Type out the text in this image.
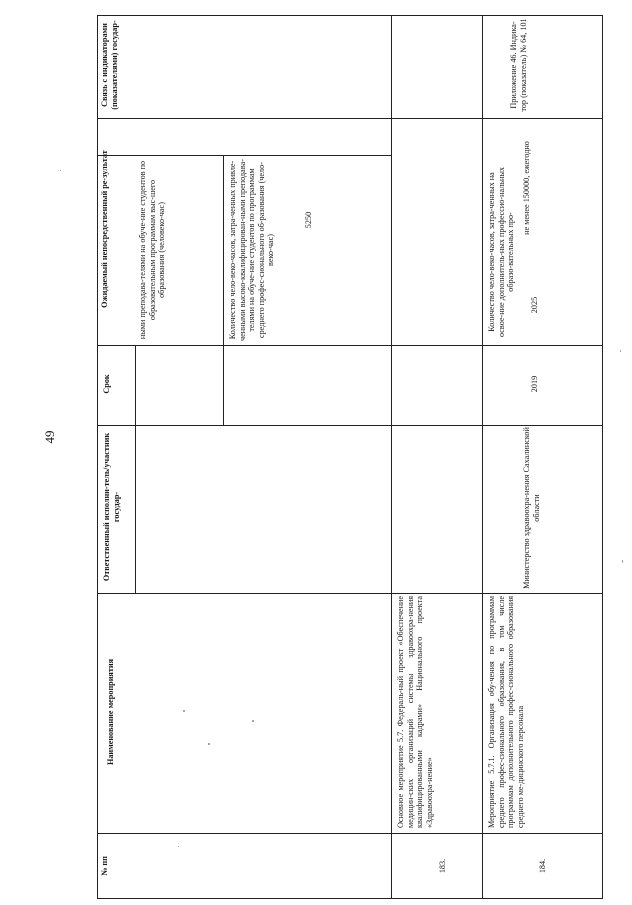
49
№ пп
Наименование мероприятия
Ответственный исполни-тель/участник государ-
Срок
Ожидаемый непосредственный ре-зультат
Связь с индикаторами (показателями) государ-
ными преподава-телями на обуче-ние студентов по образовательным программам выс-шего образования (человеко-час)	Количество чело-веко-часов, затра-ченных привле-ченными высоко-квалифицирован-ными преподава-телями на обуче-ние студентов по программам среднего профес-сионального об-разования (чело-веко-час)
5250
183.
Основное мероприятие 5.7. Федераль-ный проект «Обеспечение медицин-ских организаций системы здравоохра-нения квалифицированными кадрами» Национального проекта «Здравоохра-нение»
184.
Мероприятие 5.7.1. Организация обу-чения по программам среднего профес-сионального образования, в том числе программам дополнительного профес-сионального образования среднего ме-дицинского персонала
Министерство здравоохра-нения Сахалинской области
2019
2025
Количество чело-веко-часов, затра-ченных на освое-ние дополнитель-ных профессио-нальных образо-вательных про-
не менее 150000, ежегодно
Приложение 46. Индика-тор (показатель) № 64, 101
